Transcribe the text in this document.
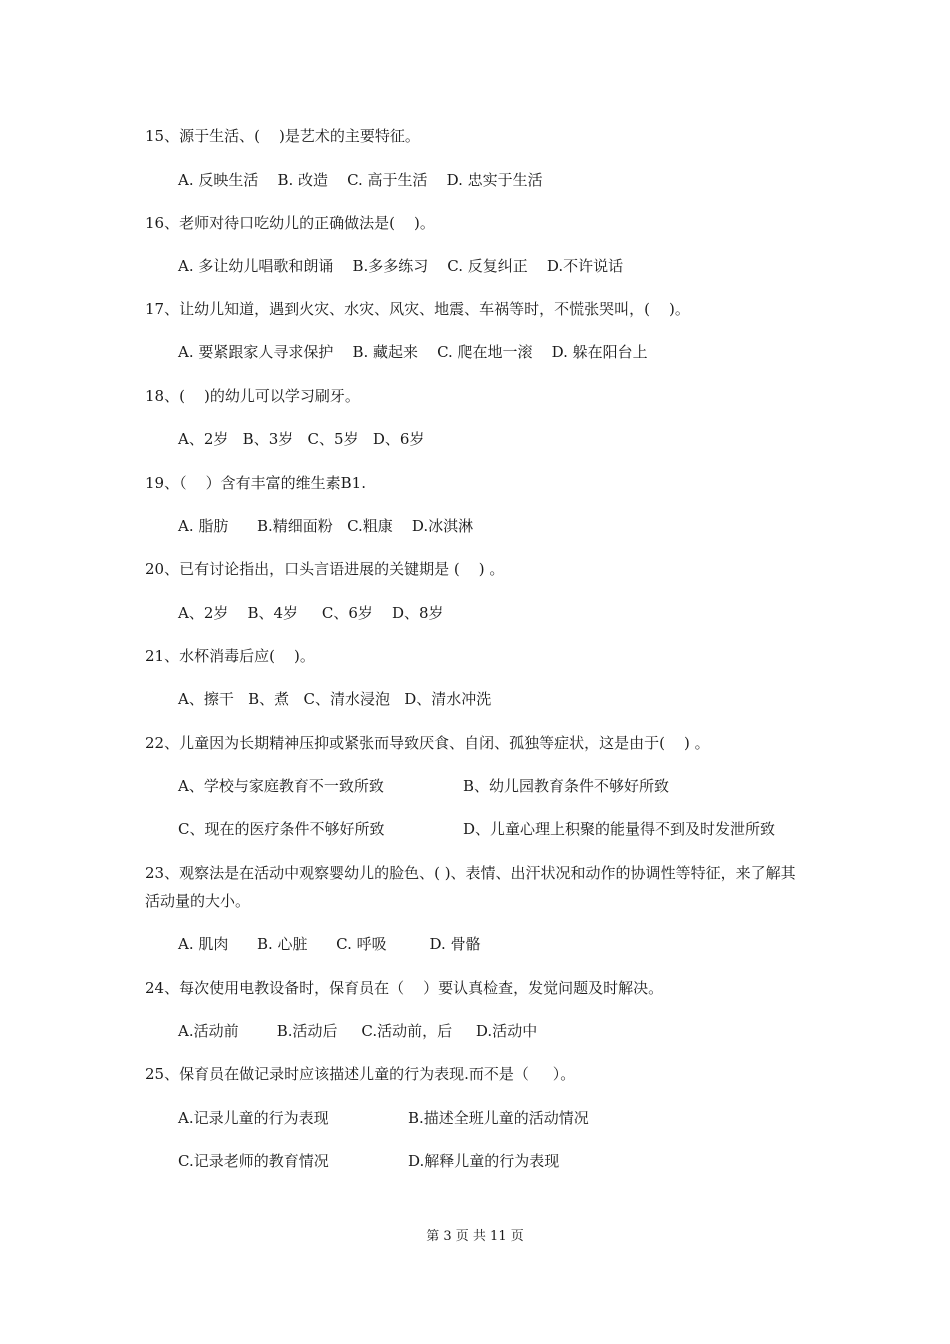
15、源于生活、(    )是艺术的主要特征。
A. 反映生活    B. 改造    C. 高于生活    D. 忠实于生活
16、老师对待口吃幼儿的正确做法是(    )。
A. 多让幼儿唱歌和朗诵    B.多多练习    C. 反复纠正    D.不许说话
17、让幼儿知道，遇到火灾、水灾、风灾、地震、车祸等时，不慌张哭叫，(    )。
A. 要紧跟家人寻求保护    B. 藏起来    C. 爬在地一滚    D. 躲在阳台上
18、(    )的幼儿可以学习刷牙。
A、2岁   B、3岁   C、5岁   D、6岁
19、（    ）含有丰富的维生素B1.
A. 脂肪      B.精细面粉   C.粗康    D.冰淇淋
20、已有讨论指出，口头言语进展的关键期是 (    ) 。
A、2岁    B、4岁     C、6岁    D、8岁
21、水杯消毒后应(    )。
A、擦干   B、煮   C、清水浸泡   D、清水冲洗
22、儿童因为长期精神压抑或紧张而导致厌食、自闭、孤独等症状，这是由于(    ) 。
A、学校与家庭教育不一致所致	B、幼儿园教育条件不够好所致
C、现在的医疗条件不够好所致	D、儿童心理上积聚的能量得不到及时发泄所致
23、观察法是在活动中观察婴幼儿的脸色、( )、表情、出汗状况和动作的协调性等特征，来了解其活动量的大小。
A. 肌肉      B. 心脏      C. 呼吸         D. 骨骼
24、每次使用电教设备时，保育员在（    ）要认真检查，发觉问题及时解决。
A.活动前        B.活动后     C.活动前，后     D.活动中
25、保育员在做记录时应该描述儿童的行为表现.而不是（     ）。
A.记录儿童的行为表现	B.描述全班儿童的活动情况
C.记录老师的教育情况	D.解释儿童的行为表现
第 3 页 共 11 页
